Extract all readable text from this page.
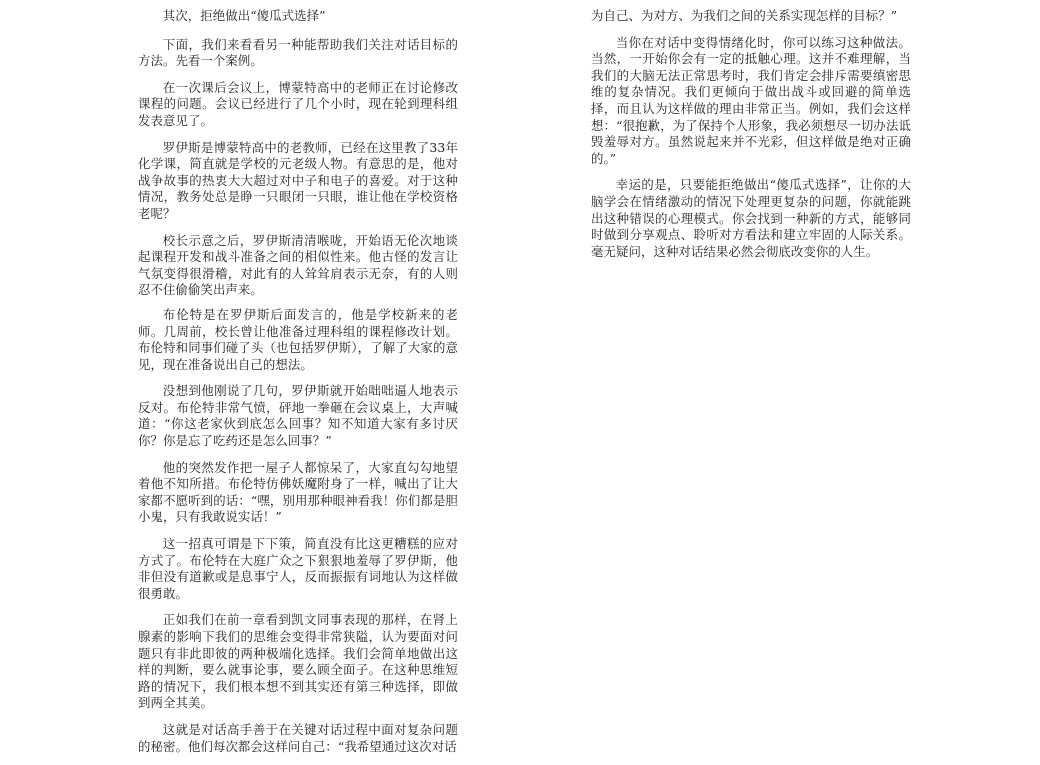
其次，拒绝做出“傻瓜式选择”

下面，我们来看看另一种能帮助我们关注对话目标的方法。先看一个案例。

在一次课后会议上，博蒙特高中的老师正在讨论修改课程的问题。会议已经进行了几个小时，现在轮到理科组发表意见了。

罗伊斯是博蒙特高中的老教师，已经在这里教了33年化学课，简直就是学校的元老级人物。有意思的是，他对战争故事的热衷大大超过对中子和电子的喜爱。对于这种情况，教务处总是睁一只眼闭一只眼，谁让他在学校资格老呢？

校长示意之后，罗伊斯清清喉咙，开始语无伦次地谈起课程开发和战斗准备之间的相似性来。他古怪的发言让气氛变得很滑稽，对此有的人耸耸肩表示无奈，有的人则忍不住偷偷笑出声来。

布伦特是在罗伊斯后面发言的，他是学校新来的老师。几周前，校长曾让他准备过理科组的课程修改计划。布伦特和同事们碰了头（也包括罗伊斯），了解了大家的意见，现在准备说出自己的想法。

没想到他刚说了几句，罗伊斯就开始咄咄逼人地表示反对。布伦特非常气愤，砰地一拳砸在会议桌上，大声喊道：“你这老家伙到底怎么回事？知不知道大家有多讨厌你？你是忘了吃药还是怎么回事？”

他的突然发作把一屋子人都惊呆了，大家直勾勾地望着他不知所措。布伦特仿佛妖魔附身了一样，喊出了让大家都不愿听到的话：“嘿，别用那种眼神看我！你们都是胆小鬼，只有我敢说实话！”

这一招真可谓是下下策，简直没有比这更糟糕的应对方式了。布伦特在大庭广众之下狠狠地羞辱了罗伊斯，他非但没有道歉或是息事宁人，反而振振有词地认为这样做很勇敢。

正如我们在前一章看到凯文同事表现的那样，在肾上腺素的影响下我们的思维会变得非常狭隘，认为要面对问题只有非此即彼的两种极端化选择。我们会简单地做出这样的判断，要么就事论事，要么顾全面子。在这种思维短路的情况下，我们根本想不到其实还有第三种选择，即做到两全其美。

这就是对话高手善于在关键对话过程中面对复杂问题的秘密。他们每次都会这样问自己：“我希望通过这次对话

为自己、为对方、为我们之间的关系实现怎样的目标？”

当你在对话中变得情绪化时，你可以练习这种做法。当然，一开始你会有一定的抵触心理。这并不难理解，当我们的大脑无法正常思考时，我们肯定会排斥需要缜密思维的复杂情况。我们更倾向于做出战斗或回避的简单选择，而且认为这样做的理由非常正当。例如，我们会这样想：“很抱歉，为了保持个人形象，我必须想尽一切办法诋毁羞辱对方。虽然说起来并不光彩，但这样做是绝对正确的。”

幸运的是，只要能拒绝做出“傻瓜式选择”，让你的大脑学会在情绪激动的情况下处理更复杂的问题，你就能跳出这种错误的心理模式。你会找到一种新的方式，能够同时做到分享观点、聆听对方看法和建立牢固的人际关系。毫无疑问，这种对话结果必然会彻底改变你的人生。
